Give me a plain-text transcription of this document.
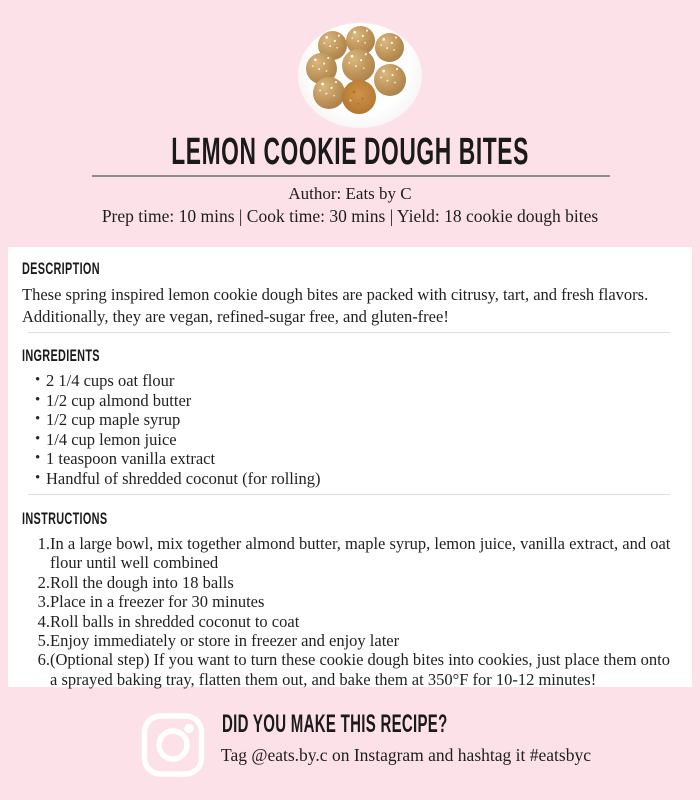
LEMON COOKIE DOUGH BITES
Author: Eats by C
Prep time: 10 mins | Cook time: 30 mins | Yield: 18 cookie dough bites
DESCRIPTION

These spring inspired lemon cookie dough bites are packed with citrusy, tart, and fresh flavors. Additionally, they are vegan, refined-sugar free, and gluten-free!

INGREDIENTS
• 2 1/4 cups oat flour
• 1/2 cup almond butter
• 1/2 cup maple syrup
• 1/4 cup lemon juice
• 1 teaspoon vanilla extract
• Handful of shredded coconut (for rolling)
INSTRUCTIONS
1. In a large bowl, mix together almond butter, maple syrup, lemon juice, vanilla extract, and oat flour until well combined
2. Roll the dough into 18 balls
3. Place in a freezer for 30 minutes
4. Roll balls in shredded coconut to coat
5. Enjoy immediately or store in freezer and enjoy later
6. (Optional step) If you want to turn these cookie dough bites into cookies, just place them onto a sprayed baking tray, flatten them out, and bake them at 350°F for 10-12 minutes!
DID YOU MAKE THIS RECIPE?
Tag @eats.by.c on Instagram and hashtag it #eatsbyc
